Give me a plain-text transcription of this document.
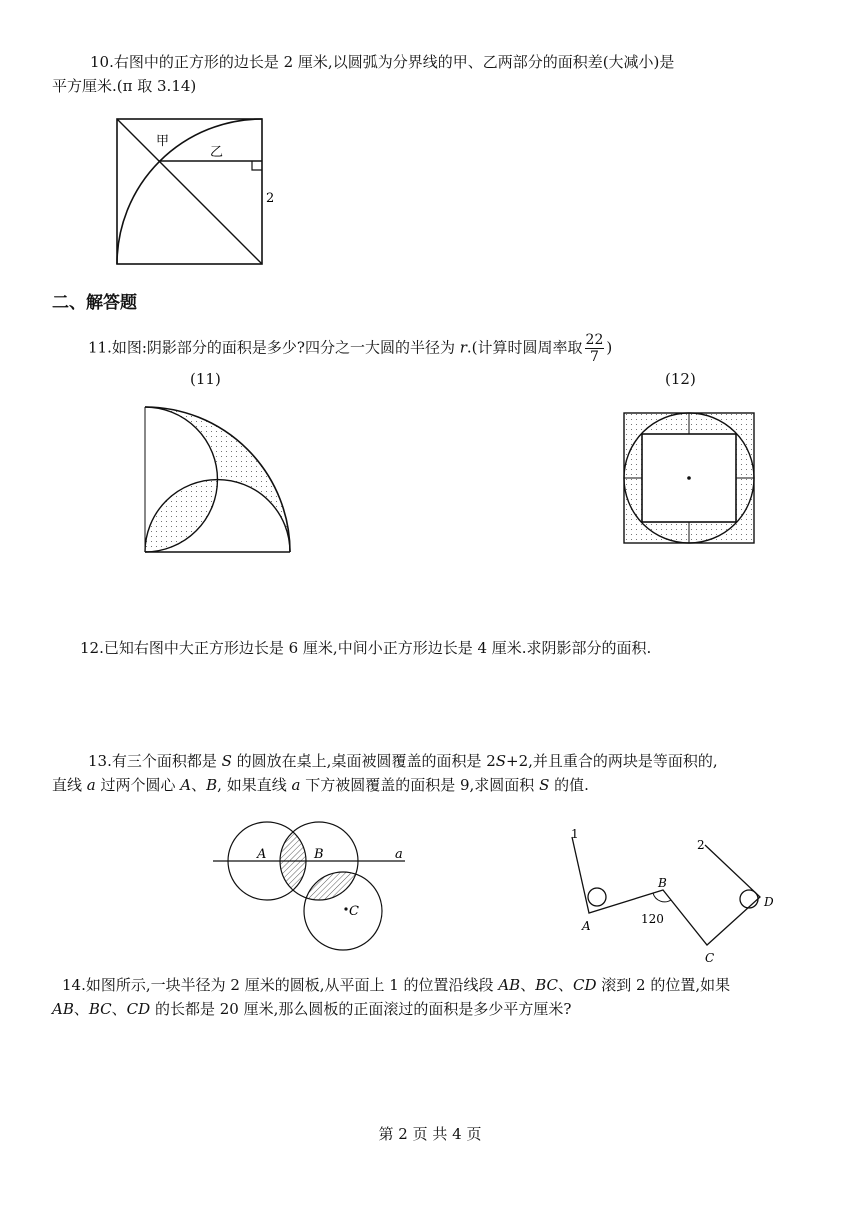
10.右图中的正方形的边长是 2 厘米,以圆弧为分界线的甲、乙两部分的面积差(大减小)是
平方厘米.(π 取 3.14)
甲
乙
2
二、解答题
11.如图:阴影部分的面积是多少?四分之一大圆的半径为 r.(计算时圆周率取 $\frac{22}{7}$ )
(11)	(12)
12.已知右图中大正方形边长是 6 厘米,中间小正方形边长是 4 厘米.求阴影部分的面积.
13.有三个面积都是 S 的圆放在桌上,桌面被圆覆盖的面积是 2S+2,并且重合的两块是等面积的,
直线 a 过两个圆心 A、B, 如果直线 a 下方被圆覆盖的面积是 9,求圆面积 S 的值.
A	B	a
C
1
2
A
B
C
D
120
14.如图所示,一块半径为 2 厘米的圆板,从平面上 1 的位置沿线段 AB、BC、CD 滚到 2 的位置,如果
AB、BC、CD 的长都是 20 厘米,那么圆板的正面滚过的面积是多少平方厘米?
第 2 页 共 4 页
